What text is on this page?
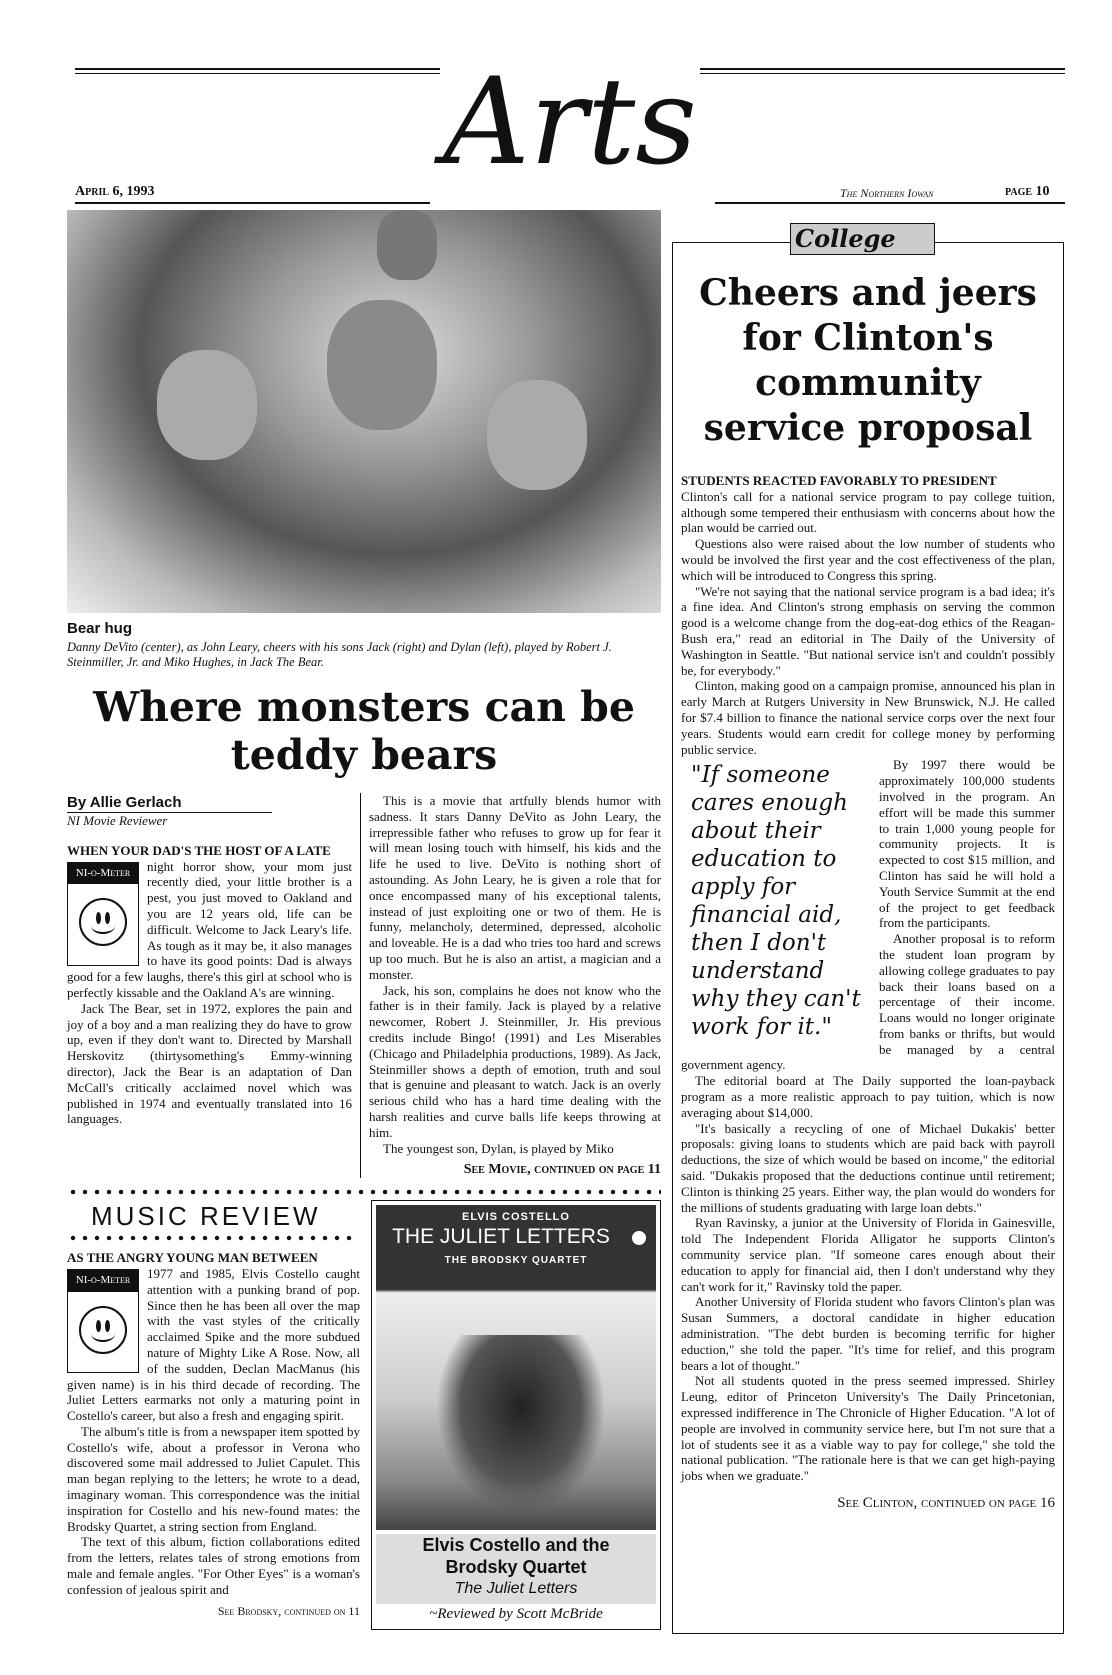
Arts
April 6, 1993	The Northern Iowan	page 10
Bear hug
Danny DeVito (center), as John Leary, cheers with his sons Jack (right) and Dylan (left), played by Robert J. Steinmiller, Jr. and Miko Hughes, in Jack The Bear.
Where monsters can be teddy bears
By Allie Gerlach
NI Movie Reviewer

WHEN YOUR DAD'S THE HOST OF A LATE

NI-o-Meter	night horror show, your mom just recently died, your little brother is a pest, you just moved to Oakland and you are 12 years old, life can be difficult. Welcome to Jack Leary's life. As tough as it may be, it also manages to have its good points: Dad is always good for a few laughs, there's this girl at school who is perfectly kissable and the Oakland A's are winning.

Jack The Bear, set in 1972, explores the pain and joy of a boy and a man realizing they do have to grow up, even if they don't want to. Directed by Marshall Herskovitz (thirtysomething's Emmy-winning director), Jack the Bear is an adaptation of Dan McCall's critically acclaimed novel which was published in 1974 and eventually translated into 16 languages.

This is a movie that artfully blends humor with sadness. It stars Danny DeVito as John Leary, the irrepressible father who refuses to grow up for fear it will mean losing touch with himself, his kids and the life he used to live. DeVito is nothing short of astounding. As John Leary, he is given a role that for once encompassed many of his exceptional talents, instead of just exploiting one or two of them. He is funny, melancholy, determined, depressed, alcoholic and loveable. He is a dad who tries too hard and screws up too much. But he is also an artist, a magician and a monster.

Jack, his son, complains he does not know who the father is in their family. Jack is played by a relative newcomer, Robert J. Steinmiller, Jr. His previous credits include Bingo! (1991) and Les Miserables (Chicago and Philadelphia productions, 1989). As Jack, Steinmiller shows a depth of emotion, truth and soul that is genuine and pleasant to watch. Jack is an overly serious child who has a hard time dealing with the harsh realities and curve balls life keeps throwing at him.

The youngest son, Dylan, is played by Miko

See Movie, continued on page 11
MUSIC REVIEW

AS THE ANGRY YOUNG MAN BETWEEN

NI-o-Meter	1977 and 1985, Elvis Costello caught attention with a punking brand of pop. Since then he has been all over the map with the vast styles of the critically acclaimed Spike and the more subdued nature of Mighty Like A Rose. Now, all of the sudden, Declan MacManus (his given name) is in his third decade of recording. The Juliet Letters earmarks not only a maturing point in Costello's career, but also a fresh and engaging spirit.

The album's title is from a newspaper item spotted by Costello's wife, about a professor in Verona who discovered some mail addressed to Juliet Capulet. This man began replying to the letters; he wrote to a dead, imaginary woman. This correspondence was the initial inspiration for Costello and his new-found mates: the Brodsky Quartet, a string section from England.

The text of this album, fiction collaborations edited from the letters, relates tales of strong emotions from male and female angles. "For Other Eyes" is a woman's confession of jealous spirit and

See Brodsky, continued on 11
ELVIS COSTELLO
THE JULIET LETTERS
THE BRODSKY QUARTET
Elvis Costello and the
Brodsky Quartet
The Juliet Letters
~Reviewed by Scott McBride
College
Cheers and jeers for Clinton's community service proposal

STUDENTS REACTED FAVORABLY TO PRESIDENT

Clinton's call for a national service program to pay college tuition, although some tempered their enthusiasm with concerns about how the plan would be carried out.

Questions also were raised about the low number of students who would be involved the first year and the cost effectiveness of the plan, which will be introduced to Congress this spring.

"We're not saying that the national service program is a bad idea; it's a fine idea. And Clinton's strong emphasis on serving the common good is a welcome change from the dog-eat-dog ethics of the Reagan-Bush era," read an editorial in The Daily of the University of Washington in Seattle. "But national service isn't and couldn't possibly be, for everybody."

Clinton, making good on a campaign promise, announced his plan in early March at Rutgers University in New Brunswick, N.J. He called for $7.4 billion to finance the national service corps over the next four years. Students would earn credit for college money by performing public service.

"If someone cares enough about their education to apply for financial aid, then I don't understand why they can't work for it."

By 1997 there would be approximately 100,000 students involved in the program. An effort will be made this summer to train 1,000 young people for community projects. It is expected to cost $15 million, and Clinton has said he will hold a Youth Service Summit at the end of the project to get feedback from the participants.

Another proposal is to reform the student loan program by allowing college graduates to pay back their loans based on a percentage of their income. Loans would no longer originate from banks or thrifts, but would be managed by a central government agency.

The editorial board at The Daily supported the loan-payback program as a more realistic approach to pay tuition, which is now averaging about $14,000.

"It's basically a recycling of one of Michael Dukakis' better proposals: giving loans to students which are paid back with payroll deductions, the size of which would be based on income," the editorial said. "Dukakis proposed that the deductions continue until retirement; Clinton is thinking 25 years. Either way, the plan would do wonders for the millions of students graduating with large loan debts."

Ryan Ravinsky, a junior at the University of Florida in Gainesville, told The Independent Florida Alligator he supports Clinton's community service plan. "If someone cares enough about their education to apply for financial aid, then I don't understand why they can't work for it," Ravinsky told the paper.

Another University of Florida student who favors Clinton's plan was Susan Summers, a doctoral candidate in higher education administration. "The debt burden is becoming terrific for higher eduction," she told the paper. "It's time for relief, and this program bears a lot of thought."

Not all students quoted in the press seemed impressed. Shirley Leung, editor of Princeton University's The Daily Princetonian, expressed indifference in The Chronicle of Higher Education. "A lot of people are involved in community service here, but I'm not sure that a lot of students see it as a viable way to pay for college," she told the national publication. "The rationale here is that we can get high-paying jobs when we graduate."

See Clinton, continued on page 16
